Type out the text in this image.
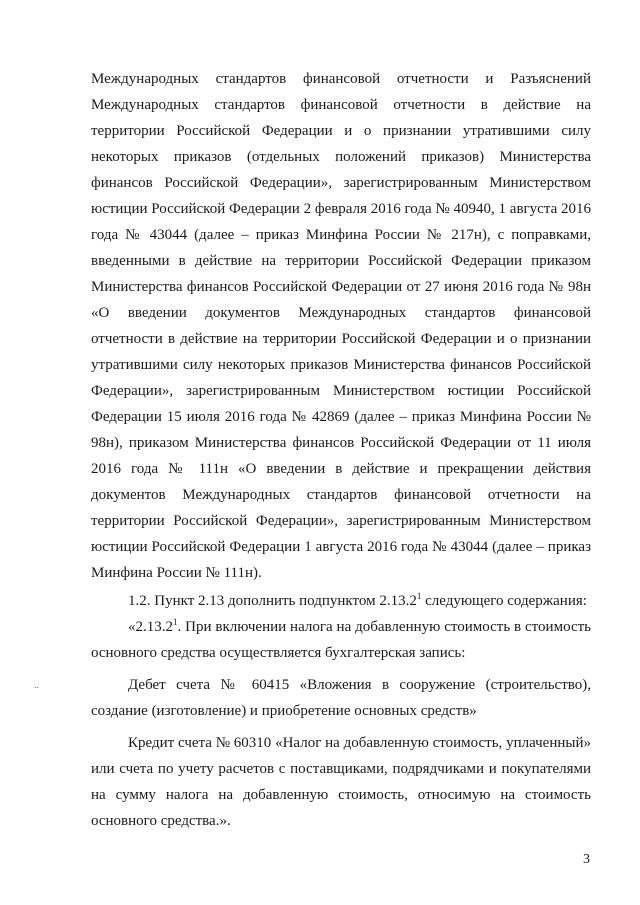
Международных стандартов финансовой отчетности и Разъяснений Международных стандартов финансовой отчетности в действие на территории Российской Федерации и о признании утратившими силу некоторых приказов (отдельных положений приказов) Министерства финансов Российской Федерации», зарегистрированным Министерством юстиции Российской Федерации 2 февраля 2016 года № 40940, 1 августа 2016 года № 43044 (далее – приказ Минфина России № 217н), с поправками, введенными в действие на территории Российской Федерации приказом Министерства финансов Российской Федерации от 27 июня 2016 года № 98н «О введении документов Международных стандартов финансовой отчетности в действие на территории Российской Федерации и о признании утратившими силу некоторых приказов Министерства финансов Российской Федерации», зарегистрированным Министерством юстиции Российской Федерации 15 июля 2016 года № 42869 (далее – приказ Минфина России № 98н), приказом Министерства финансов Российской Федерации от 11 июля 2016 года № 111н «О введении в действие и прекращении действия документов Международных стандартов финансовой отчетности на территории Российской Федерации», зарегистрированным Министерством юстиции Российской Федерации 1 августа 2016 года № 43044 (далее – приказ Минфина России № 111н).

1.2. Пункт 2.13 дополнить подпунктом 2.13.2$^1$ следующего содержания:

«2.13.2$^1$. При включении налога на добавленную стоимость в стоимость основного средства осуществляется бухгалтерская запись:

Дебет счета № 60415 «Вложения в сооружение (строительство), создание (изготовление) и приобретение основных средств»

Кредит счета № 60310 «Налог на добавленную стоимость, уплаченный» или счета по учету расчетов с поставщиками, подрядчиками и покупателями на сумму налога на добавленную стоимость, относимую на стоимость основного средства.».

..
3
